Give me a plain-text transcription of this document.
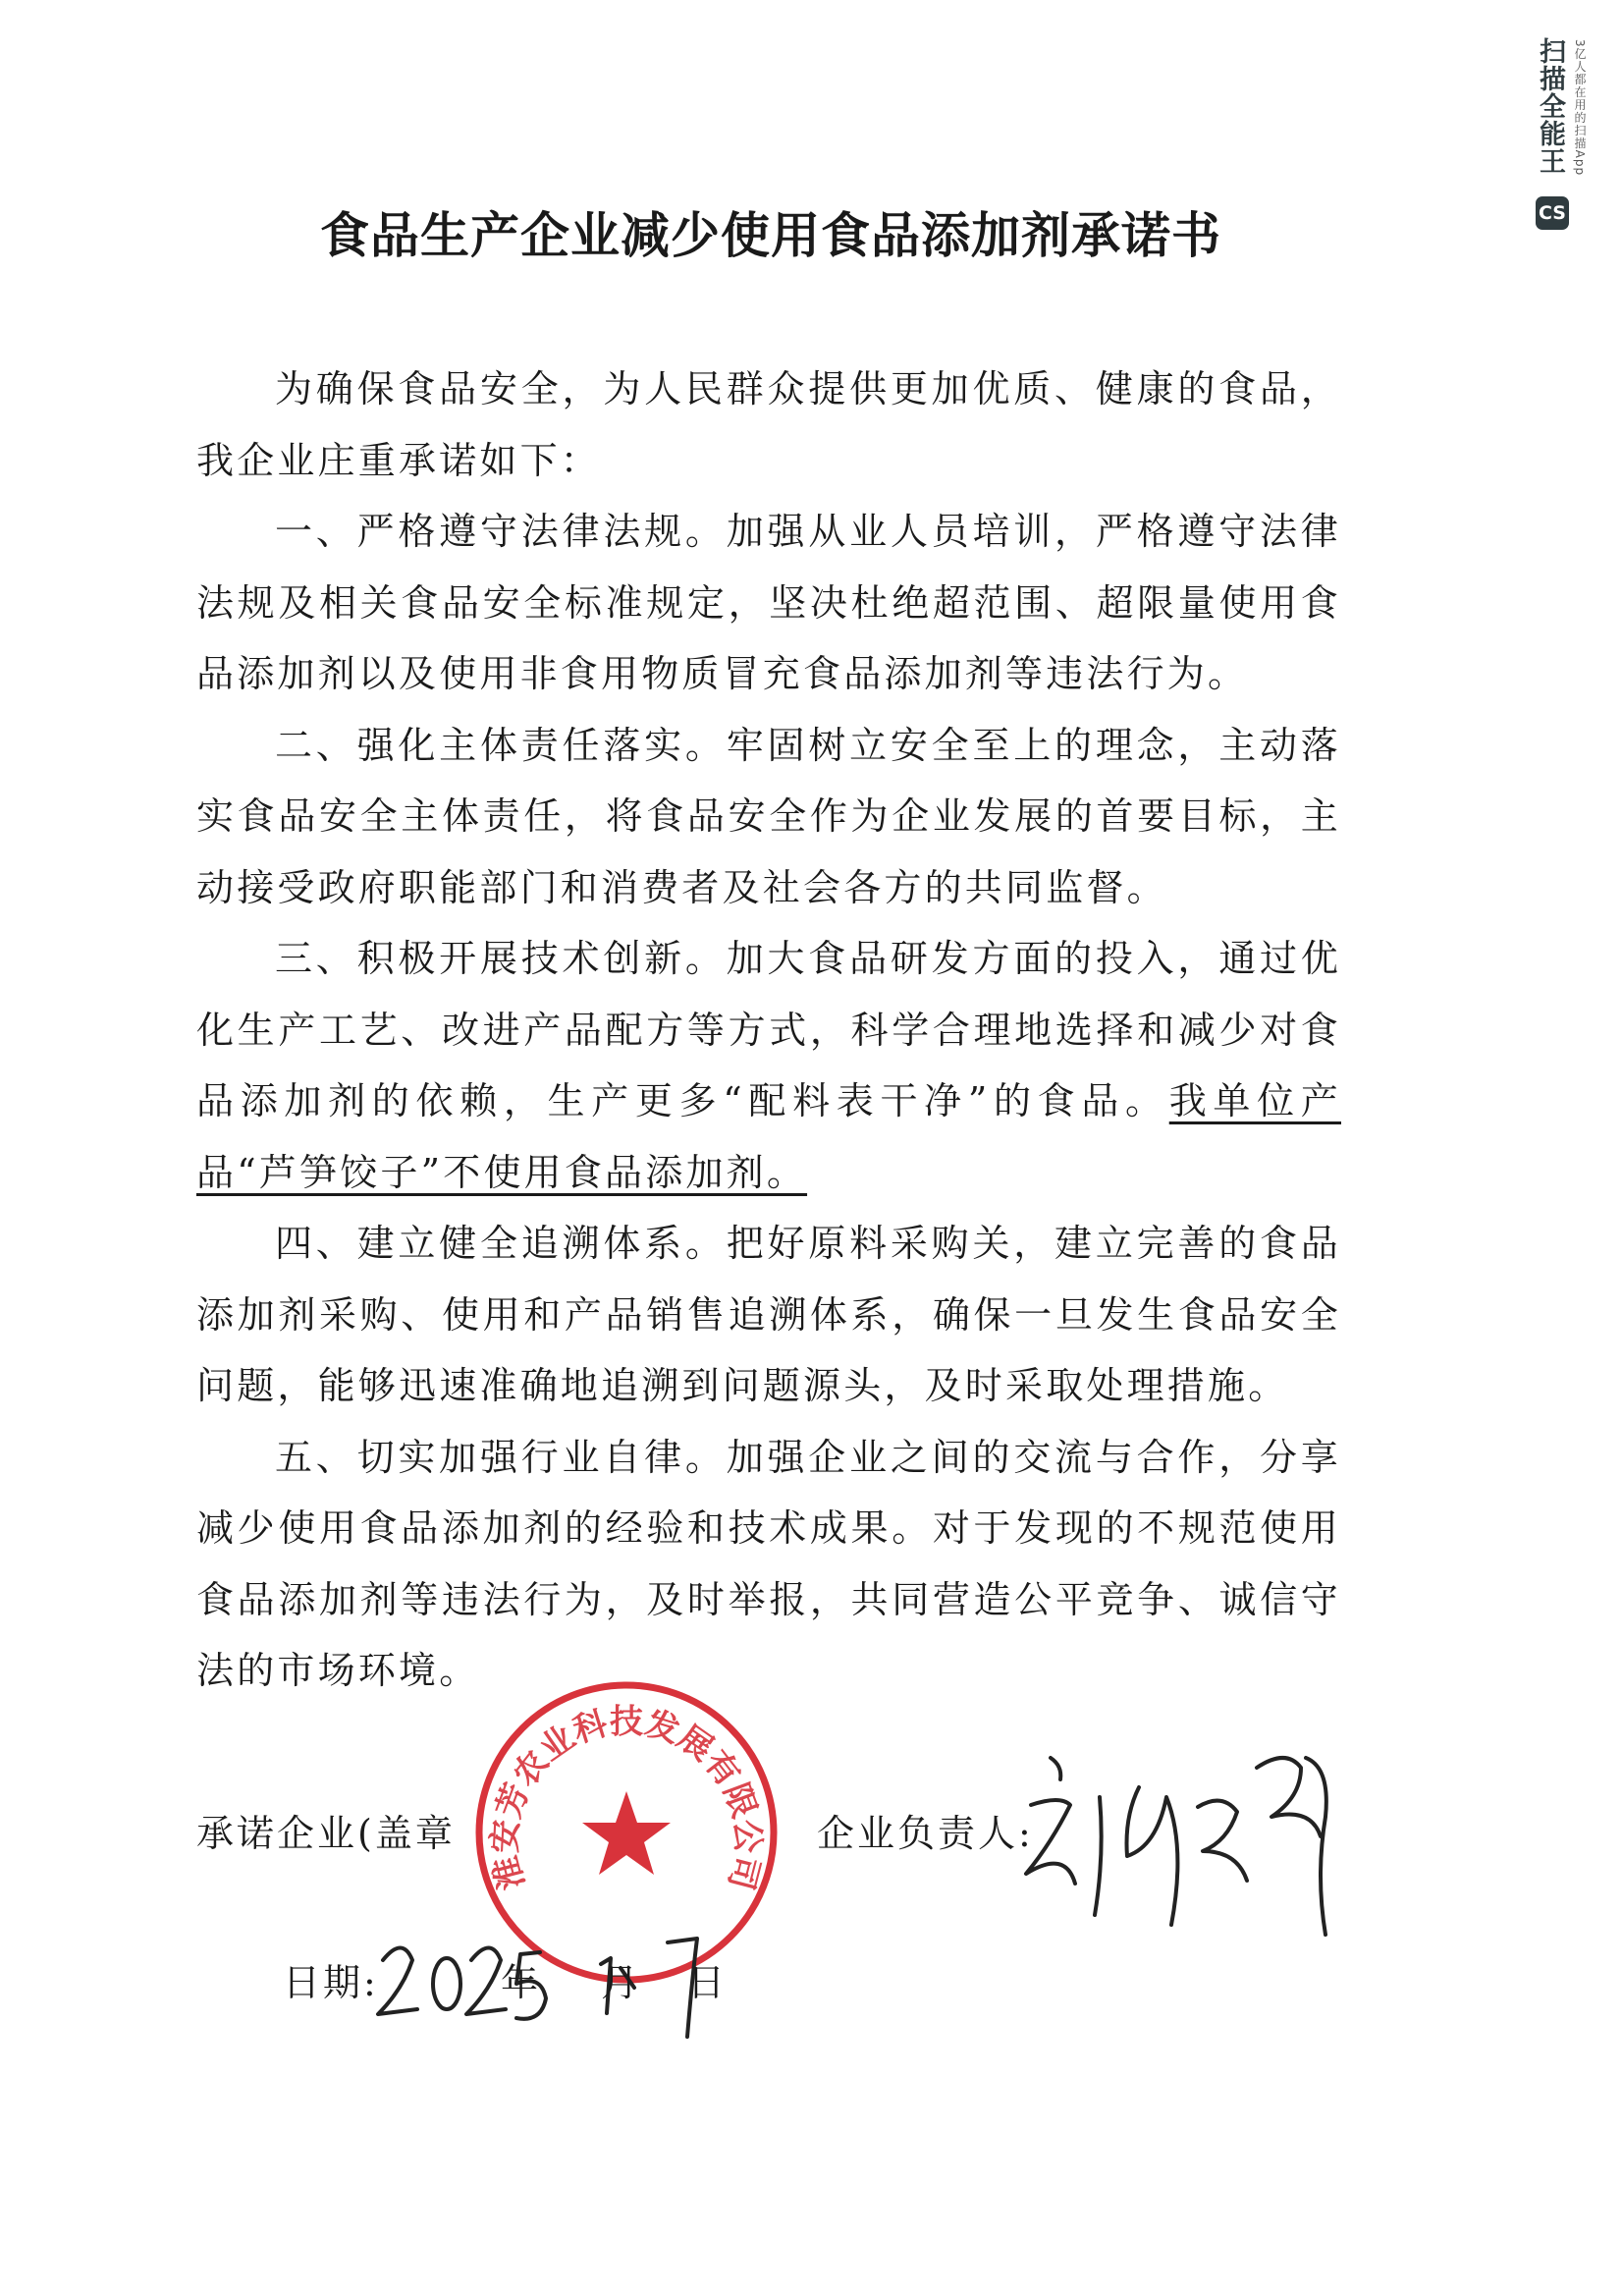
扫描全能王
CS
3亿人都在用的扫描App
食品生产企业减少使用食品添加剂承诺书

为确保食品安全，为人民群众提供更加优质、健康的食品，我企业庄重承诺如下：

一、严格遵守法律法规。加强从业人员培训，严格遵守法律法规及相关食品安全标准规定，坚决杜绝超范围、超限量使用食品添加剂以及使用非食用物质冒充食品添加剂等违法行为。

二、强化主体责任落实。牢固树立安全至上的理念，主动落实食品安全主体责任，将食品安全作为企业发展的首要目标，主动接受政府职能部门和消费者及社会各方的共同监督。

三、积极开展技术创新。加大食品研发方面的投入，通过优化生产工艺、改进产品配方等方式，科学合理地选择和减少对食品添加剂的依赖，生产更多“配料表干净”的食品。我单位产品“芦笋饺子”不使用食品添加剂。

四、建立健全追溯体系。把好原料采购关，建立完善的食品添加剂采购、使用和产品销售追溯体系，确保一旦发生食品安全问题，能够迅速准确地追溯到问题源头，及时采取处理措施。

五、切实加强行业自律。加强企业之间的交流与合作，分享减少使用食品添加剂的经验和技术成果。对于发现的不规范使用食品添加剂等违法行为，及时举报，共同营造公平竞争、诚信守法的市场环境。

淮安芳农业科技发展有限公司
承诺企业(盖章	企业负责人:
日期:	年 月 日
